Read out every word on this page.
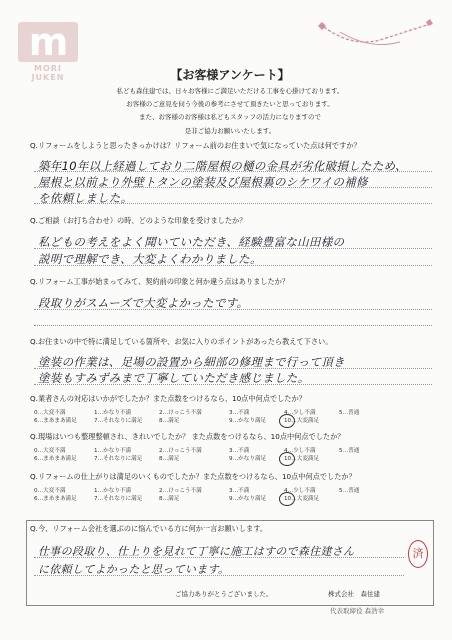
m
MORI JUKEN	【お客様アンケート】
私ども森住建では、日々お客様にご満足いただける工事を心掛けております。
お客様のご意見を伺う今後の参考にさせて頂きたいと思っております。
また、お客様のお客様は私どもスタッフの活力になりますので
是非ご協力お願いいたします。
Q.リフォームをしようと思ったきっかけは？リフォーム前のお住まいで気になっていた点は何ですか？
築年10年以上経過しており二階屋根の樋の金具が劣化破損したため、
屋根と以前より外壁トタンの塗装及び屋根裏のシケワイの補修
を依頼しました。
Q.ご相談（お打ち合わせ）の時、どのような印象を受けましたか？
私どもの考えをよく聞いていただき、経験豊富な山田様の
説明で理解でき、大変よくわかりました。
Q.リフォーム工事が始まってみて、契約前の印象と何か違う点はありましたか？
段取りがスムーズで大変よかったです。
Q.お住まいの中で特に満足している箇所や、お気に入りのポイントがあったら教えて下さい。
塗装の作業は、足場の設置から細部の修理まで行って頂き
塗装もすみずみまで丁寧していただき感じました。
Q.業者さんの対応はいかがでしたか？また点数をつけるなら、10点中何点でしたか？
0…大変不満	1…かなり不満	2…けっこう不満	3…不満	4…少し不満	5…普通
6…まあまあ満足	7…それなりに満足	8…満足	9…かなり満足	10…大変満足
Q.現場はいつも整理整頓され、きれいでしたか？ また点数をつけるなら、10点中何点でしたか？
0…大変不満	1…かなり不満	2…けっこう不満	3…不満	4…少し不満	5…普通
6…まあまあ満足	7…それなりに満足	8…満足	9…かなり満足	10…大変満足
Q.リフォームの仕上がりは満足のいくものでしたか？また点数をつけるなら、10点中何点でしたか？
0…大変不満	1…かなり不満	2…けっこう不満	3…不満	4…少し不満	5…普通
6…まあまあ満足	7…それなりに満足	8…満足	9…かなり満足	10…大変満足
Q.今、リフォーム会社を選ぶのに悩んでいる方に何か一言お願いします。
仕事の段取り、仕上りを見れて丁寧に施工はすので森住建さん
に依頼してよかったと思っています。
済
ご協力ありがとうございました。	株式会社　森住建
代表取締役 森浩幸
